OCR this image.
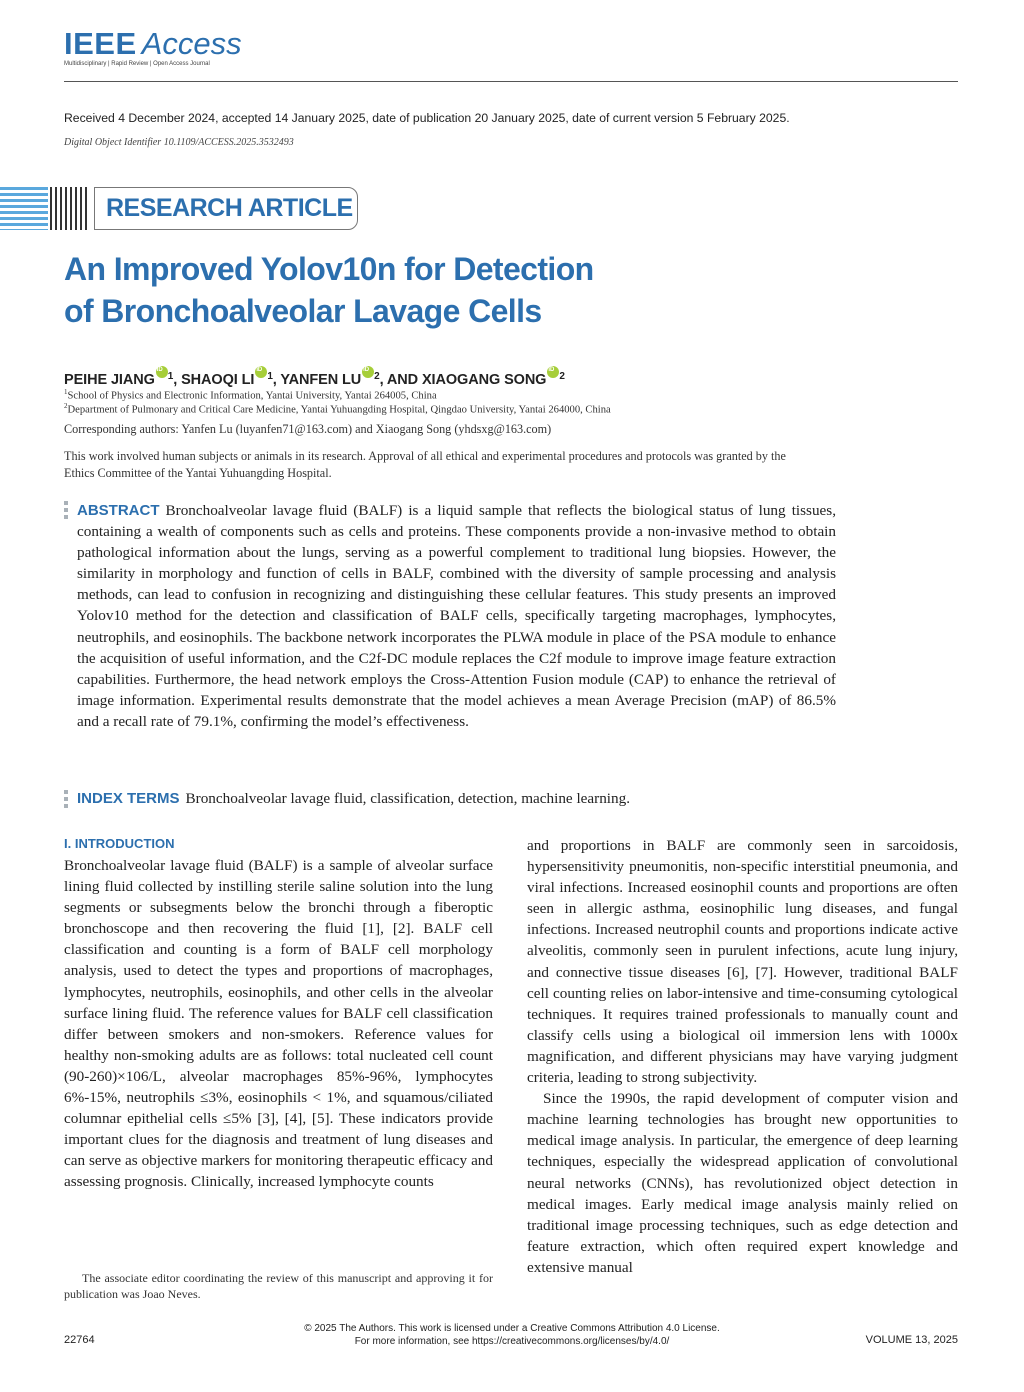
IEEE Access
Multidisciplinary | Rapid Review | Open Access Journal
Received 4 December 2024, accepted 14 January 2025, date of publication 20 January 2025, date of current version 5 February 2025.
Digital Object Identifier 10.1109/ACCESS.2025.3532493
RESEARCH ARTICLE
An Improved Yolov10n for Detection
of Bronchoalveolar Lavage Cells
PEIHE JIANG iD $^1$, SHAOQI LI iD $^1$, YANFEN LU iD $^2$, AND XIAOGANG SONG iD $^2$
$^1$School of Physics and Electronic Information, Yantai University, Yantai 264005, China
$^2$Department of Pulmonary and Critical Care Medicine, Yantai Yuhuangding Hospital, Qingdao University, Yantai 264000, China
Corresponding authors: Yanfen Lu (luyanfen71@163.com) and Xiaogang Song (yhdsxg@163.com)
This work involved human subjects or animals in its research. Approval of all ethical and experimental procedures and protocols was granted by the Ethics Committee of the Yantai Yuhuangding Hospital.
ABSTRACT Bronchoalveolar lavage fluid (BALF) is a liquid sample that reflects the biological status of lung tissues, containing a wealth of components such as cells and proteins. These components provide a non-invasive method to obtain pathological information about the lungs, serving as a powerful complement to traditional lung biopsies. However, the similarity in morphology and function of cells in BALF, combined with the diversity of sample processing and analysis methods, can lead to confusion in recognizing and distinguishing these cellular features. This study presents an improved Yolov10 method for the detection and classification of BALF cells, specifically targeting macrophages, lymphocytes, neutrophils, and eosinophils. The backbone network incorporates the PLWA module in place of the PSA module to enhance the acquisition of useful information, and the C2f-DC module replaces the C2f module to improve image feature extraction capabilities. Furthermore, the head network employs the Cross-Attention Fusion module (CAP) to enhance the retrieval of image information. Experimental results demonstrate that the model achieves a mean Average Precision (mAP) of 86.5% and a recall rate of 79.1%, confirming the model’s effectiveness.
INDEX TERMS Bronchoalveolar lavage fluid, classification, detection, machine learning.
I. INTRODUCTION

Bronchoalveolar lavage fluid (BALF) is a sample of alveolar surface lining fluid collected by instilling sterile saline solution into the lung segments or subsegments below the bronchi through a fiberoptic bronchoscope and then recovering the fluid [1], [2]. BALF cell classification and counting is a form of BALF cell morphology analysis, used to detect the types and proportions of macrophages, lymphocytes, neutrophils, eosinophils, and other cells in the alveolar surface lining fluid. The reference values for BALF cell classification differ between smokers and non-smokers. Reference values for healthy non-smoking adults are as follows: total nucleated cell count (90-260)×106/L, alveolar macrophages 85%-96%, lymphocytes 6%-15%, neutrophils ≤3%, eosinophils < 1%, and squamous/ciliated columnar epithelial cells ≤5% [3], [4], [5]. These indicators provide important clues for the diagnosis and treatment of lung diseases and can serve as objective markers for monitoring therapeutic efficacy and assessing prognosis. Clinically, increased lymphocyte counts

and proportions in BALF are commonly seen in sarcoidosis, hypersensitivity pneumonitis, non-specific interstitial pneumonia, and viral infections. Increased eosinophil counts and proportions are often seen in allergic asthma, eosinophilic lung diseases, and fungal infections. Increased neutrophil counts and proportions indicate active alveolitis, commonly seen in purulent infections, acute lung injury, and connective tissue diseases [6], [7]. However, traditional BALF cell counting relies on labor-intensive and time-consuming cytological techniques. It requires trained professionals to manually count and classify cells using a biological oil immersion lens with 1000x magnification, and different physicians may have varying judgment criteria, leading to strong subjectivity.

Since the 1990s, the rapid development of computer vision and machine learning technologies has brought new opportunities to medical image analysis. In particular, the emergence of deep learning techniques, especially the widespread application of convolutional neural networks (CNNs), has revolutionized object detection in medical images. Early medical image analysis mainly relied on traditional image processing techniques, such as edge detection and feature extraction, which often required expert knowledge and extensive manual

The associate editor coordinating the review of this manuscript and approving it for publication was Joao Neves.
© 2025 The Authors. This work is licensed under a Creative Commons Attribution 4.0 License.
For more information, see https://creativecommons.org/licenses/by/4.0/
22764	VOLUME 13, 2025
